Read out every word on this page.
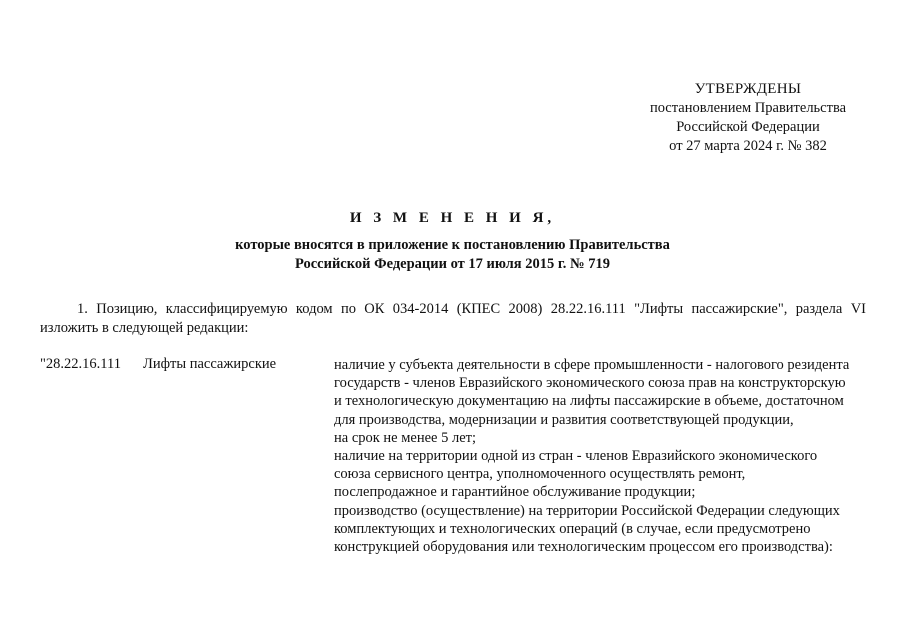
УТВЕРЖДЕНЫ
постановлением Правительства
Российской Федерации
от 27 марта 2024 г. № 382
И З М Е Н Е Н И Я,
которые вносятся в приложение к постановлению Правительства
Российской Федерации от 17 июля 2015 г. № 719
1. Позицию, классифицируемую кодом по ОК 034-2014 (КПЕС 2008) 28.22.16.111 "Лифты пассажирские", раздела VI
изложить в следующей редакции:
"28.22.16.111 Лифты пассажирские	наличие у субъекта деятельности в сфере промышленности - налогового резидента
государств - членов Евразийского экономического союза прав на конструкторскую
и технологическую документацию на лифты пассажирские в объеме, достаточном
для производства, модернизации и развития соответствующей продукции,
на срок не менее 5 лет;
наличие на территории одной из стран - членов Евразийского экономического
союза сервисного центра, уполномоченного осуществлять ремонт,
послепродажное и гарантийное обслуживание продукции;
производство (осуществление) на территории Российской Федерации следующих
комплектующих и технологических операций (в случае, если предусмотрено
конструкцией оборудования или технологическим процессом его производства):
